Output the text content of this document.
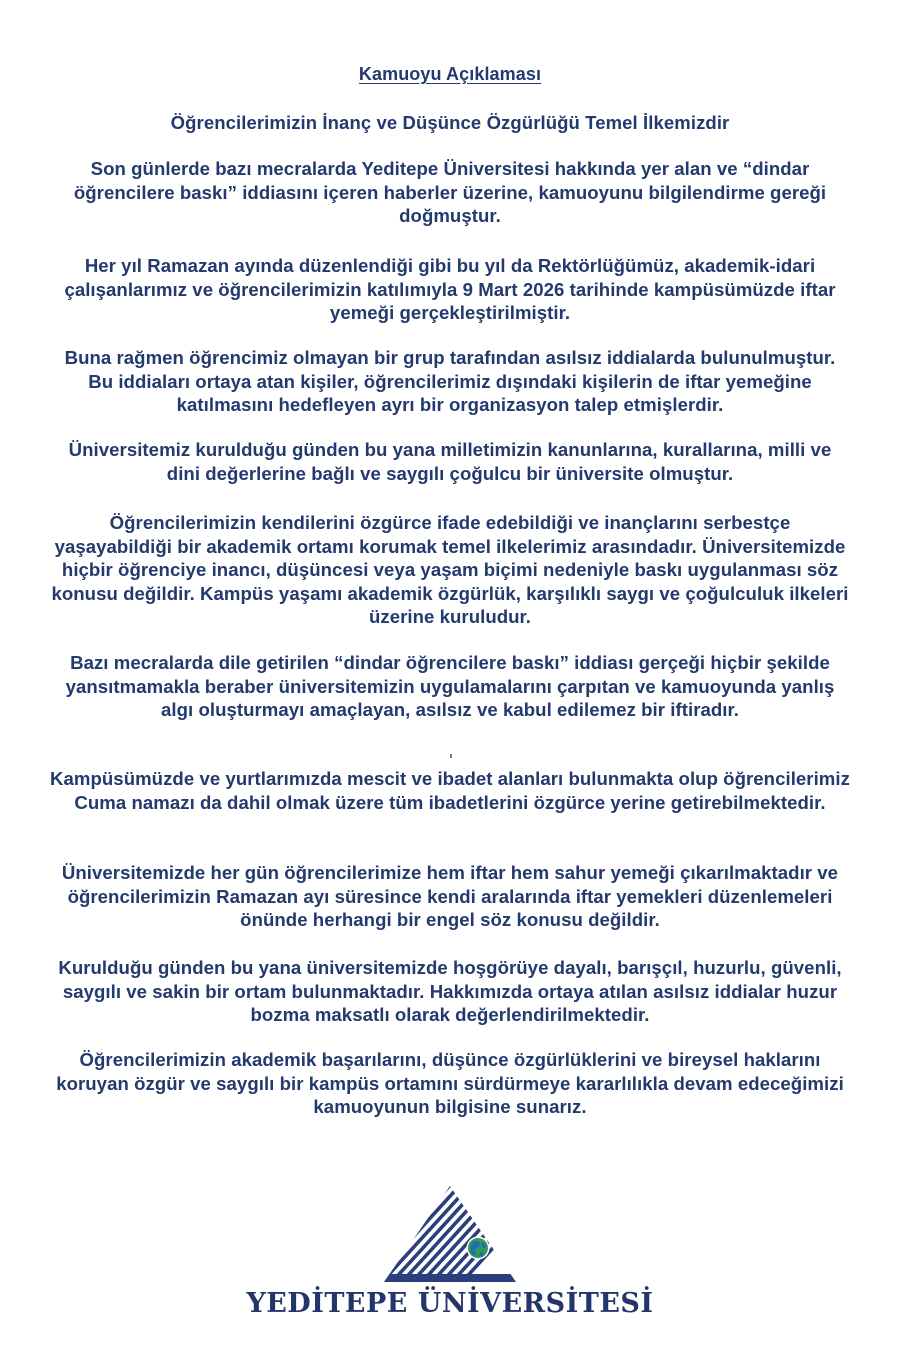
Kamuoyu Açıklaması
Öğrencilerimizin İnanç ve Düşünce Özgürlüğü Temel İlkemizdir
Son günlerde bazı mecralarda Yeditepe Üniversitesi hakkında yer alan ve “dindar öğrencilere baskı” iddiasını içeren haberler üzerine, kamuoyunu bilgilendirme gereği doğmuştur.
Her yıl Ramazan ayında düzenlendiği gibi bu yıl da Rektörlüğümüz, akademik-idari çalışanlarımız ve öğrencilerimizin katılımıyla 9 Mart 2026 tarihinde kampüsümüzde iftar yemeği gerçekleştirilmiştir.
Buna rağmen öğrencimiz olmayan bir grup tarafından asılsız iddialarda bulunulmuştur. Bu iddiaları ortaya atan kişiler, öğrencilerimiz dışındaki kişilerin de iftar yemeğine katılmasını hedefleyen ayrı bir organizasyon talep etmişlerdir.
Üniversitemiz kurulduğu günden bu yana milletimizin kanunlarına, kurallarına, milli ve dini değerlerine bağlı ve saygılı çoğulcu bir üniversite olmuştur.
Öğrencilerimizin kendilerini özgürce ifade edebildiği ve inançlarını serbestçe yaşayabildiği bir akademik ortamı korumak temel ilkelerimiz arasındadır. Üniversitemizde hiçbir öğrenciye inancı, düşüncesi veya yaşam biçimi nedeniyle baskı uygulanması söz konusu değildir. Kampüs yaşamı akademik özgürlük, karşılıklı saygı ve çoğulculuk ilkeleri üzerine kuruludur.
Bazı mecralarda dile getirilen “dindar öğrencilere baskı” iddiası gerçeği hiçbir şekilde yansıtmamakla beraber üniversitemizin uygulamalarını çarpıtan ve kamuoyunda yanlış algı oluşturmayı amaçlayan, asılsız ve kabul edilemez bir iftiradır.
Kampüsümüzde ve yurtlarımızda mescit ve ibadet alanları bulunmakta olup öğrencilerimiz Cuma namazı da dahil olmak üzere tüm ibadetlerini özgürce yerine getirebilmektedir.
Üniversitemizde her gün öğrencilerimize hem iftar hem sahur yemeği çıkarılmaktadır ve öğrencilerimizin Ramazan ayı süresince kendi aralarında iftar yemekleri düzenlemeleri önünde herhangi bir engel söz konusu değildir.
Kurulduğu günden bu yana üniversitemizde hoşgörüye dayalı, barışçıl, huzurlu, güvenli, saygılı ve sakin bir ortam bulunmaktadır. Hakkımızda ortaya atılan asılsız iddialar huzur bozma maksatlı olarak değerlendirilmektedir.
Öğrencilerimizin akademik başarılarını, düşünce özgürlüklerini ve bireysel haklarını koruyan özgür ve saygılı bir kampüs ortamını sürdürmeye kararlılıkla devam edeceğimizi kamuoyunun bilgisine sunarız.
YEDİTEPE ÜNİVERSİTESİ
